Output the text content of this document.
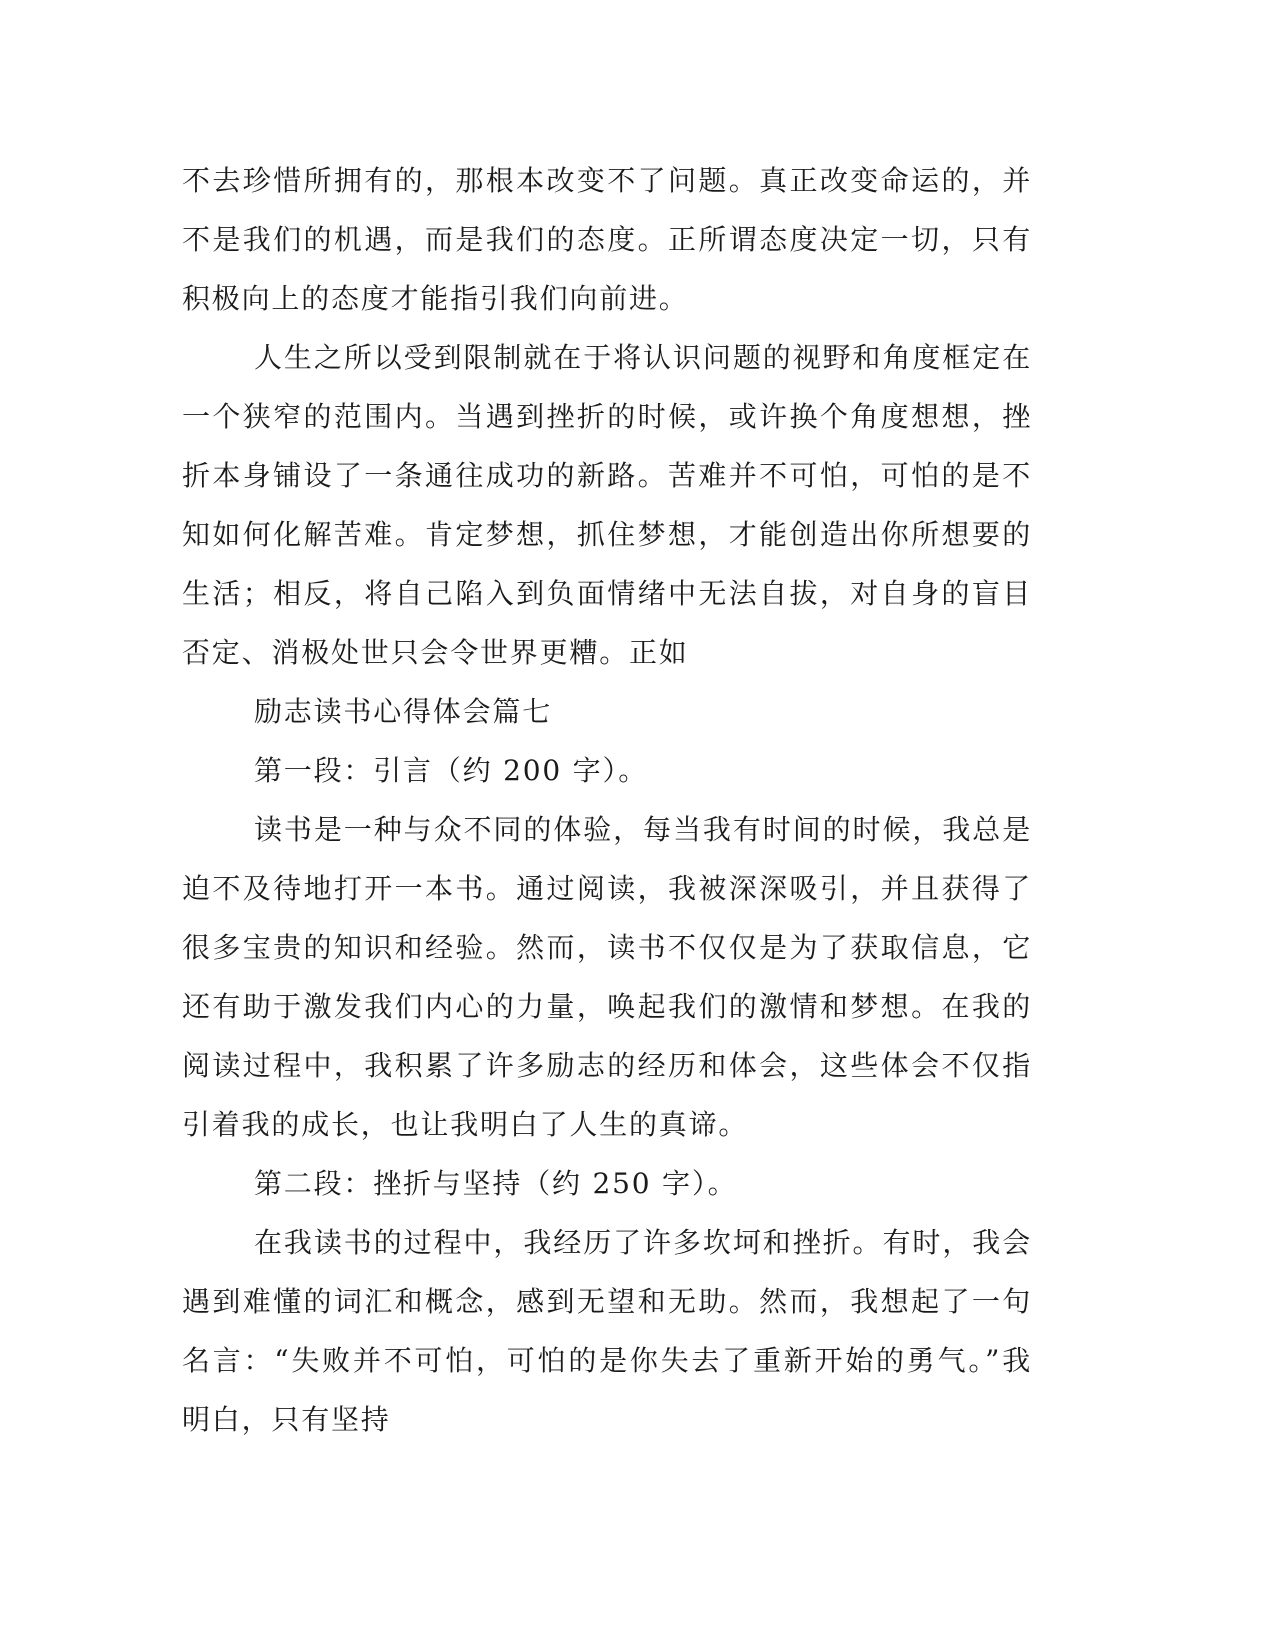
不去珍惜所拥有的，那根本改变不了问题。真正改变命运的，并不是我们的机遇，而是我们的态度。正所谓态度决定一切，只有积极向上的态度才能指引我们向前进。

人生之所以受到限制就在于将认识问题的视野和角度框定在一个狭窄的范围内。当遇到挫折的时候，或许换个角度想想，挫折本身铺设了一条通往成功的新路。苦难并不可怕，可怕的是不知如何化解苦难。肯定梦想，抓住梦想，才能创造出你所想要的生活；相反，将自己陷入到负面情绪中无法自拔，对自身的盲目否定、消极处世只会令世界更糟。正如

励志读书心得体会篇七

第一段：引言（约 200 字）。

读书是一种与众不同的体验，每当我有时间的时候，我总是迫不及待地打开一本书。通过阅读，我被深深吸引，并且获得了很多宝贵的知识和经验。然而，读书不仅仅是为了获取信息，它还有助于激发我们内心的力量，唤起我们的激情和梦想。在我的阅读过程中，我积累了许多励志的经历和体会，这些体会不仅指引着我的成长，也让我明白了人生的真谛。

第二段：挫折与坚持（约 250 字）。

在我读书的过程中，我经历了许多坎坷和挫折。有时，我会遇到难懂的词汇和概念，感到无望和无助。然而，我想起了一句名言：“失败并不可怕，可怕的是你失去了重新开始的勇气。”我明白，只有坚持
